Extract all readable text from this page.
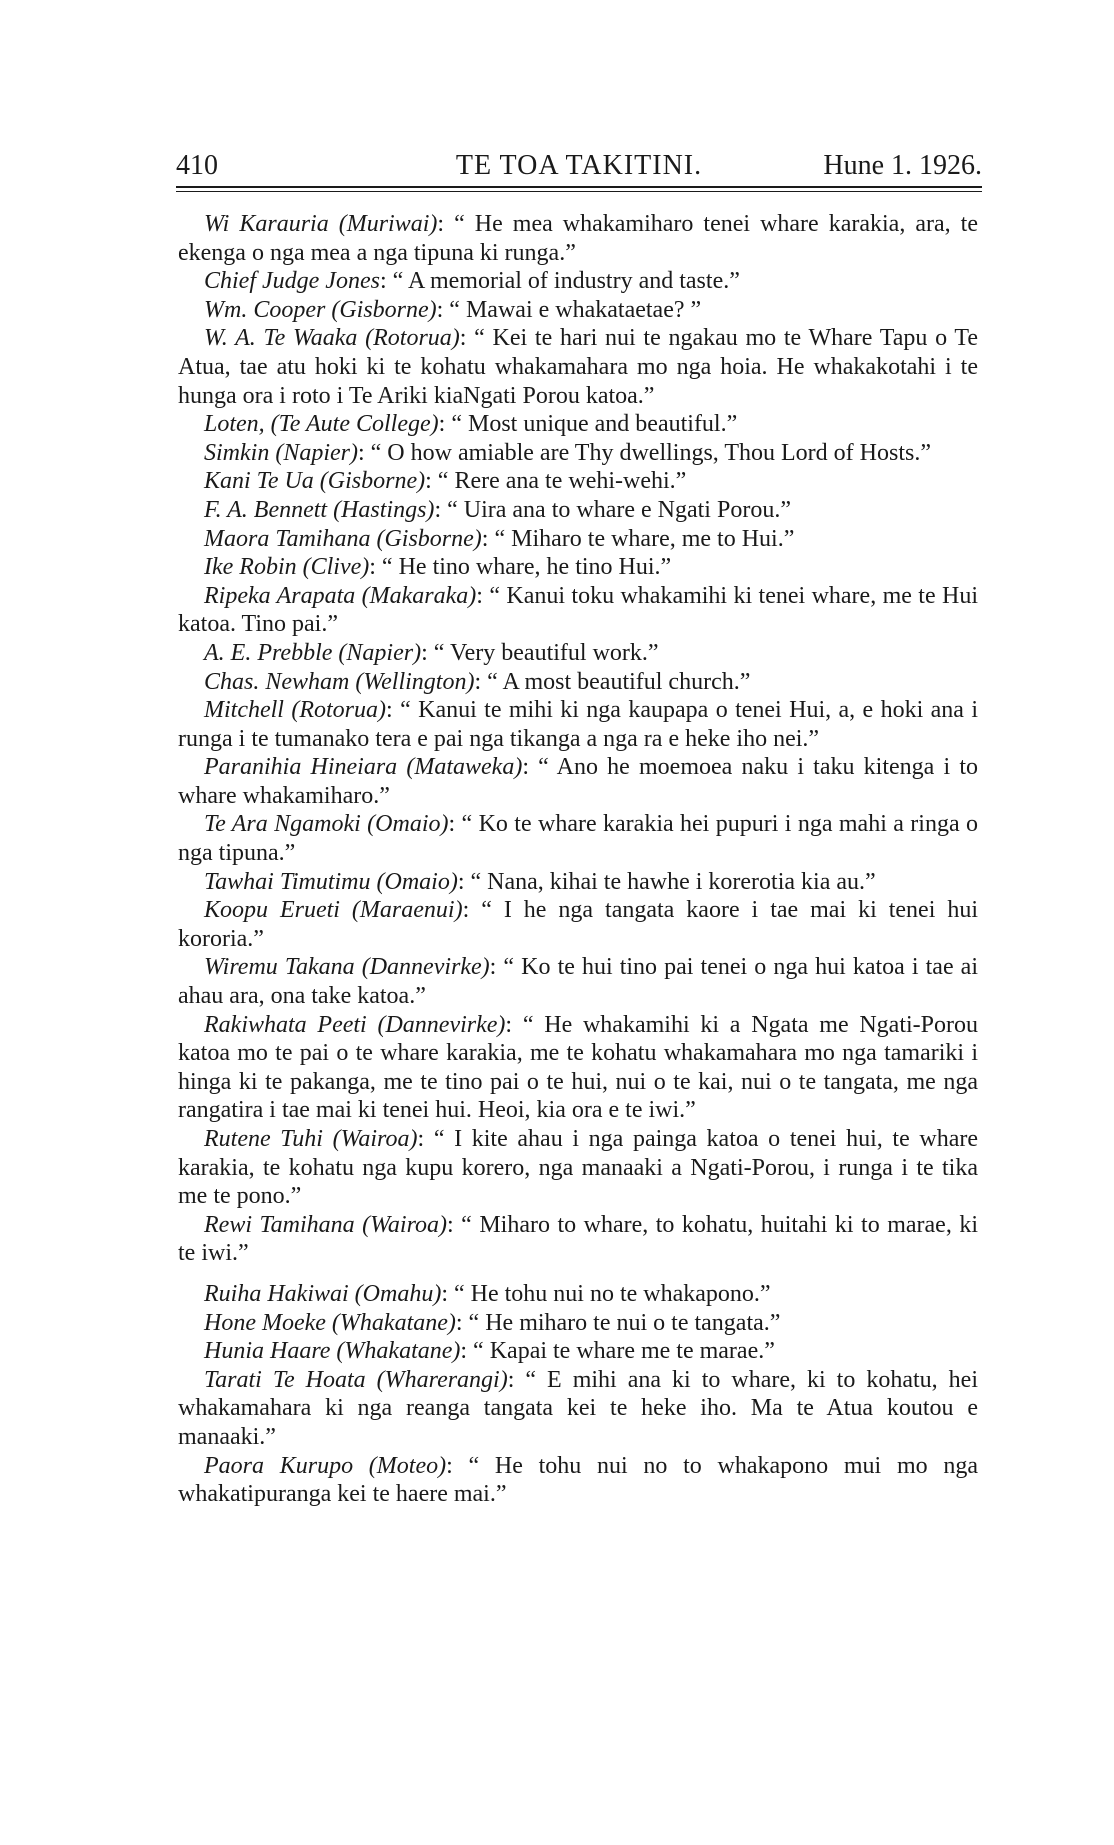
410	TE TOA TAKITINI.	Hune 1. 1926.

Wi Karauria (Muriwai): “ He mea whakamiharo tenei whare karakia, ara, te ekenga o nga mea a nga tipuna ki runga.”

Chief Judge Jones: “ A memorial of industry and taste.”

Wm. Cooper (Gisborne): “ Mawai e whakataetae? ”

W. A. Te Waaka (Rotorua): “ Kei te hari nui te ngakau mo te Whare Tapu o Te Atua, tae atu hoki ki te kohatu whakamahara mo nga hoia. He whakakotahi i te hunga ora i roto i Te Ariki kiaNgati Porou katoa.”

Loten, (Te Aute College): “ Most unique and beautiful.”

Simkin (Napier): “ O how amiable are Thy dwellings, Thou Lord of Hosts.”

Kani Te Ua (Gisborne): “ Rere ana te wehi-wehi.”

F. A. Bennett (Hastings): “ Uira ana to whare e Ngati Porou.”

Maora Tamihana (Gisborne): “ Miharo te whare, me to Hui.”

Ike Robin (Clive): “ He tino whare, he tino Hui.”

Ripeka Arapata (Makaraka): “ Kanui toku whakamihi ki tenei whare, me te Hui katoa. Tino pai.”

A. E. Prebble (Napier): “ Very beautiful work.”

Chas. Newham (Wellington): “ A most beautiful church.”

Mitchell (Rotorua): “ Kanui te mihi ki nga kaupapa o tenei Hui, a, e hoki ana i runga i te tumanako tera e pai nga tikanga a nga ra e heke iho nei.”

Paranihia Hineiara (Mataweka): “ Ano he moemoea naku i taku kitenga i to whare whakamiharo.”

Te Ara Ngamoki (Omaio): “ Ko te whare karakia hei pupuri i nga mahi a ringa o nga tipuna.”

Tawhai Timutimu (Omaio): “ Nana, kihai te hawhe i korerotia kia au.”

Koopu Erueti (Maraenui): “ I he nga tangata kaore i tae mai ki tenei hui kororia.”

Wiremu Takana (Dannevirke): “ Ko te hui tino pai tenei o nga hui katoa i tae ai ahau ara, ona take katoa.”

Rakiwhata Peeti (Dannevirke): “ He whakamihi ki a Ngata me Ngati-Porou katoa mo te pai o te whare karakia, me te kohatu whakamahara mo nga tamariki i hinga ki te pakanga, me te tino pai o te hui, nui o te kai, nui o te tangata, me nga rangatira i tae mai ki tenei hui. Heoi, kia ora e te iwi.”

Rutene Tuhi (Wairoa): “ I kite ahau i nga painga katoa o tenei hui, te whare karakia, te kohatu nga kupu korero, nga manaaki a Ngati-Porou, i runga i te tika me te pono.”

Rewi Tamihana (Wairoa): “ Miharo to whare, to kohatu, huitahi ki to marae, ki te iwi.”

Ruiha Hakiwai (Omahu): “ He tohu nui no te whakapono.”

Hone Moeke (Whakatane): “ He miharo te nui o te tangata.”

Hunia Haare (Whakatane): “ Kapai te whare me te marae.”

Tarati Te Hoata (Wharerangi): “ E mihi ana ki to whare, ki to kohatu, hei whakamahara ki nga reanga tangata kei te heke iho. Ma te Atua koutou e manaaki.”

Paora Kurupo (Moteo): “ He tohu nui no to whakapono mui mo nga whakatipuranga kei te haere mai.”
